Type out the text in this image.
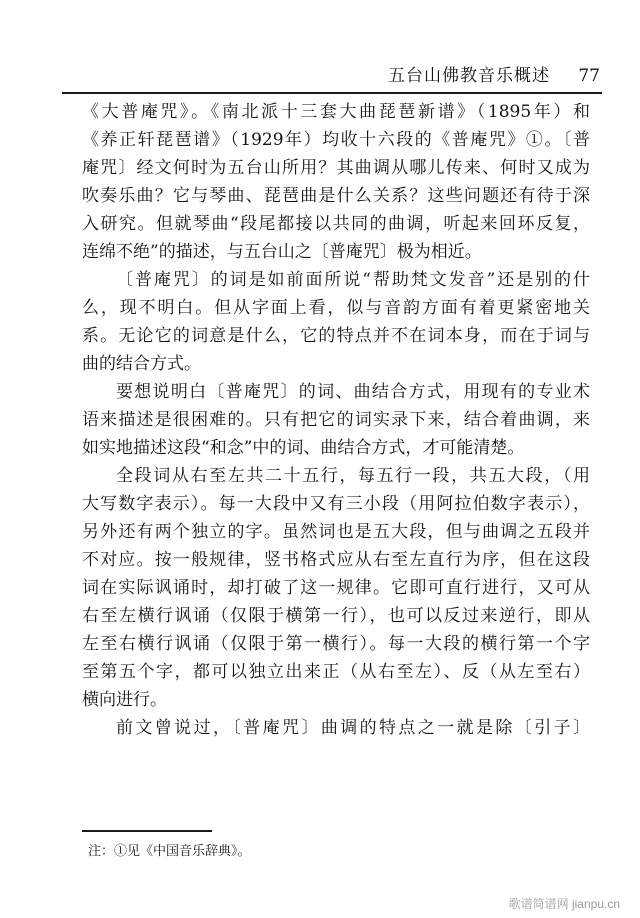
五台山佛教音乐概述 77
《大普庵咒》。《南北派十三套大曲琵琶新谱》（1895年）和
《养正轩琵琶谱》（1929年）均收十六段的《普庵咒》①。〔普
庵咒〕经文何时为五台山所用？其曲调从哪儿传来、何时又成为
吹奏乐曲？它与琴曲、琵琶曲是什么关系？这些问题还有待于深
入研究。但就琴曲“段尾都接以共同的曲调，听起来回环反复，
连绵不绝”的描述，与五台山之〔普庵咒〕极为相近。
〔普庵咒〕的词是如前面所说“帮助梵文发音”还是别的什
么，现不明白。但从字面上看，似与音韵方面有着更紧密地关
系。无论它的词意是什么，它的特点并不在词本身，而在于词与
曲的结合方式。
要想说明白〔普庵咒〕的词、曲结合方式，用现有的专业术
语来描述是很困难的。只有把它的词实录下来，结合着曲调，来
如实地描述这段“和念”中的词、曲结合方式，才可能清楚。
全段词从右至左共二十五行，每五行一段，共五大段，（用
大写数字表示）。每一大段中又有三小段（用阿拉伯数字表示），
另外还有两个独立的字。虽然词也是五大段，但与曲调之五段并
不对应。按一般规律，竖书格式应从右至左直行为序，但在这段
词在实际讽诵时，却打破了这一规律。它即可直行进行，又可从
右至左横行讽诵（仅限于横第一行），也可以反过来逆行，即从
左至右横行讽诵（仅限于第一横行）。每一大段的横行第一个字
至第五个字，都可以独立出来正（从右至左）、反（从左至右）
横向进行。
前文曾说过，〔普庵咒〕曲调的特点之一就是除〔引子〕
注：①见《中国音乐辞典》。
歌谱简谱网 jianpu.cn
